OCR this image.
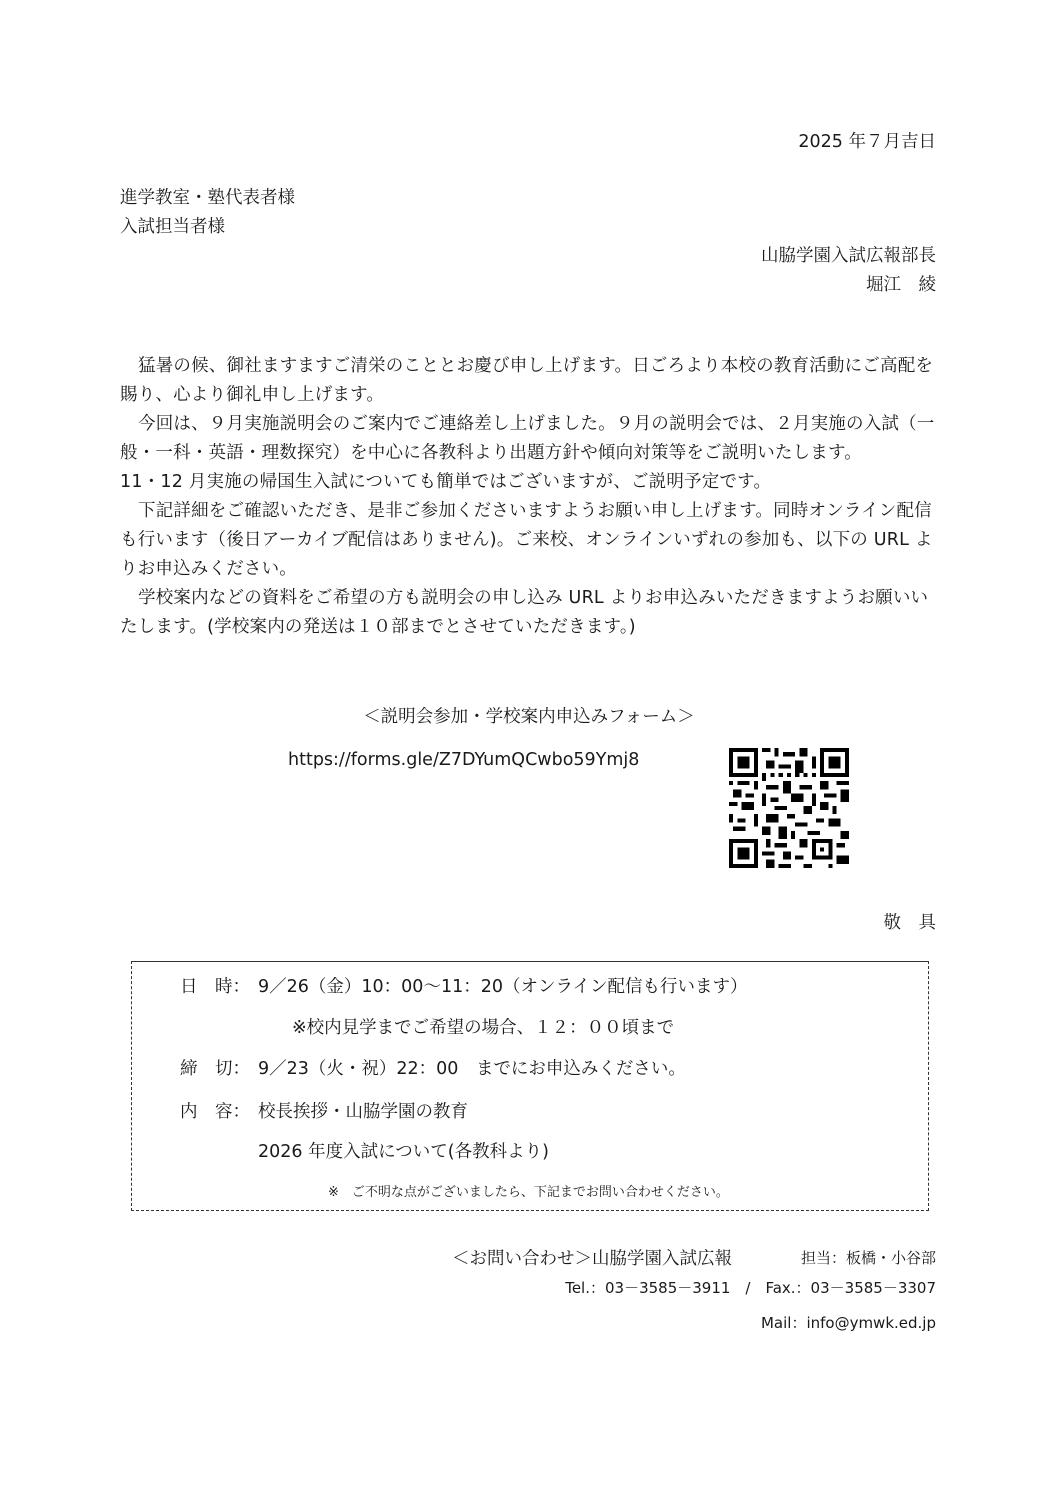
2025 年７月吉日
進学教室・塾代表者様
入試担当者様
山脇学園入試広報部長
堀江　綾

猛暑の候、御社ますますご清栄のこととお慶び申し上げます。日ごろより本校の教育活動にご高配を賜り、心より御礼申し上げます。

今回は、９月実施説明会のご案内でご連絡差し上げました。９月の説明会では、２月実施の入試（一般・一科・英語・理数探究）を中心に各教科より出題方針や傾向対策等をご説明いたします。

11・12 月実施の帰国生入試についても簡単ではございますが、ご説明予定です。

下記詳細をご確認いただき、是非ご参加くださいますようお願い申し上げます。同時オンライン配信も行います（後日アーカイブ配信はありません)。ご来校、オンラインいずれの参加も、以下の URL よりお申込みください。

学校案内などの資料をご希望の方も説明会の申し込み URL よりお申込みいただきますようお願いいたします。(学校案内の発送は１０部までとさせていただきます。)

＜説明会参加・学校案内申込みフォーム＞
https://forms.gle/Z7DYumQCwbo59Ymj8
敬　具
日　時： 9／26（金）10：00～11：20（オンライン配信も行います）
※校内見学までご希望の場合、１２：００頃まで
締　切： 9／23（火・祝）22：00　までにお申込みください。
内　容： 校長挨拶・山脇学園の教育
2026 年度入試について(各教科より)
※　ご不明な点がございましたら、下記までお問い合わせください。
＜お問い合わせ＞山脇学園入試広報	担当：板橋・小谷部
Tel.：03－3585－3911　/　Fax.：03－3585－3307
Mail：info@ymwk.ed.jp
